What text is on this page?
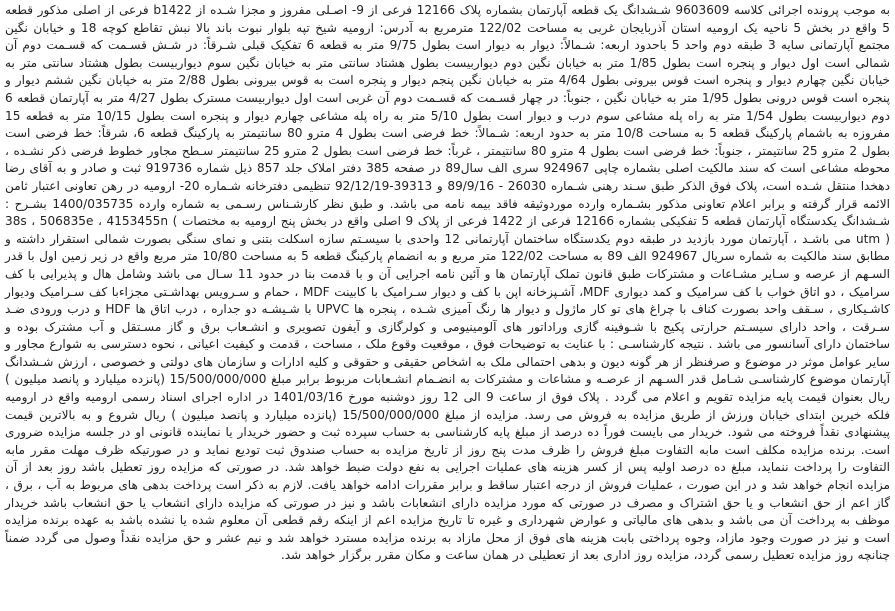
به موجب پرونده اجرائی کلاسه 9603609 شـشدانگ یک قطعه آپارتمان بشماره پلاک 12166 فرعی از 9- اصـلی مفروز و مجزا شـده از b1422 فرعی از اصلی مذکور قطعه 5 واقع در بخش 5 ناحیه یک ارومیه استان آذربایجان غربی به مساحت 122/02 مترمربع به آدرس: ارومیه شیخ تپه بلوار نبوت باند بالا نبش تقاطع کوچه 18 و خیابان نگین مجتمع آپارتمانی سایه 3 طبقه دوم واحد 5 باحدود اربعه: شـمالاً: دیوار به دیوار است بطول 9/75 متر به قطعه 6 تفکیک قبلی شـرقاً: در شـش قسـمت که قسـمت دوم آن شمالی است اول دیوار و پنجره است بطول 1/85 متر به خیابان نگین دوم دیواربیست بطول هشتاد سانتی متر به خیابان نگین سوم دیواربیست بطول هشتاد سانتی متر به خیابان نگین چهارم دیوار و پنجره است قوس بیرونی بطول 4/64 متر به خیابان نگین پنجم دیوار و پنجره است به قوس بیرونی بطول 2/88 متر به خیابان نگین ششم دیوار و پنجره است قوس درونی بطول 1/95 متر به خیابان نگین ، جنوباً: در چهار قسـمت که قسـمت دوم آن غربی است اول دیواربیست مسترک بطول 4/27 متر به آپارتمان قطعه 6 دوم دیواربیست بطول 1/54 متر به راه پله مشاعی سوم درب و دیوار است بطول 5/10 متر به راه پله مشاعی چهارم دیوار و پنجره است بطول 10/15 متر به قطعه 15 مفروزه به باشمام پارکینگ قطعه 5 به مساحت 10/8 متر به حدود اربعه: شـمالاً: خط فرضی است بطول 4 مترو 80 سانتیمتر به پارکینگ قطعه 6، شرقاً: خط فرضی است بطول 2 مترو 25 سانتیمتر ، جنوباً: خط فرضی است بطول 4 مترو 80 سانتیمتر ، غرباً: خط فرضی است بطول 2 مترو 25 سانتیمتر سـطح مجاور خطوط فرضی ذکر نشـده ، محوطه مشاعی است که سند مالکیت اصلی بشماره چاپی 924967 سری الف سال89 در صفحه 385 دفتر املاک جلد 857 ذیل شماره 919736 ثبت و صادر و به آقای رضا دهخدا منتقل شـده است، پلاک فوق الذکر طبق سـند رهنی شـماره 26030 - 89/9/16 و 39313-92/12/19 تنظیمی دفترخانه شـماره 20- ارومیه در رهن تعاونی اعتبار ثامن الائمه قرار گرفته و برابر اعلام تعاونی مذکور بشـماره وارده موردوثیقه فاقد بیمه نامه می باشد. و طبق نظر کارشـناس رسـمی به شماره وارده 1400/035735 بشـرح : شـشدانگ یکدستگاه آپارتمان قطعه 5 تفکیکی بشماره 12166 فرعی از 1422 فرعی از پلاک 9 اصلی واقع در بخش پنج ارومیه به مختصات 38s ، 506835e ، 4153455n ( utm ) می باشـد ، آپارتمان مورد بازدید در طبقه دوم یکدستگاه ساختمان آپارتمانی 12 واحدی با سیسـتم سازه اسکلت بتنی و نمای سنگی بصورت شمالی استقرار داشته و مطابق سند مالکیت به شماره سریال 924967 الف 89 به مساحت 122/02 متر مربع و به انضمام پارکینگ قطعه 5 به مساحت 10/80 متر مربع واقع در زیر زمین اول با قدر السـهم از عرصه و سـایر مشـاعات و مشترکات طبق قانون تملک آپارتمان ها و آئین نامه اجرایی آن و با قدمت بنا در حدود 11 سـال می باشد وشامل هال و پذیرایی با کف سرامیک ، دو اتاق خواب با کف سرامیک و کمد دیواری MDF، آشـپزخانه اپن با کف و دیوار سـرامیک با کابینت MDF ، حمام و سـرویس بهداشـتی مجزاءبا کف سـرامیک ودیوار کاشـیکاری ، سـقف واحد بصورت کناف با چراغ های تو کار ماژول و دیوار ها رنگ آمیزی شـده ، پنجره ها UPVC با شـیشـه دو جداره ، درب اتاق ها HDF و درب ورودی ضـد سـرقت ، واحد دارای سیسـتم حرارتی پکیج با شـوفینه گازی وراداتور های آلومینیومی و کولرگازی و آیفون تصویری و انشـعاب برق و گاز مسـتقل و آب مشترک بوده و ساختمان دارای آسانسور می باشد . نتیجه کارشناسـی : با عنایت به توضیحات فوق ، موقعیت وقوع ملک ، مساحت ، قدمت و کیفیت اعیانی ، نحوه دسترسی به شوارع مجاور و سایر عوامل موثر در موضوع و صرفنظر از هر گونه دیون و بدهی احتمالی ملک به اشخاص حقیقی و حقوقی و کلیه ادارات و سازمان های دولتی و خصوصی ، ارزش شـشدانگ آپارتمان موضوع کارشناسـی شـامل قدر السـهم از عرصـه و مشاعات و مشترکات به انضـمام انشـعابات مربوط برابر مبلغ 15/500/000/000 (پانزده میلیارد و پانصد میلیون ) ریال بعنوان قیمت پایه مزایده تقویم و اعلام می گردد . پلاک فوق از ساعت 9 الی 12 روز دوشنبه مورخ 1401/03/16 در اداره اجرای اسناد رسمی ارومیه واقع در ارومیه فلکه خیرین ابتدای خیابان ورزش از طریق مزایده به فروش می رسد. مزایده از مبلغ 15/500/000/000 (پانزده میلیارد و پانصد میلیون ) ریال شروع و به بالاترین قیمت پیشنهادی نقداً فروخته می شود. خریدار می بایست فوراً ده درصد از مبلغ پایه کارشناسی به حساب سپرده ثبت و حضور خریدار یا نماینده قانونی او در جلسه مزایده ضروری است. برنده مزایده مکلف است مابه التفاوت مبلغ فروش را ظرف مدت پنج روز از تاریخ مزایده به حساب صندوق ثبت تودیع نماید و در صورتیکه ظرف مهلت مقرر مابه التفاوت را پرداخت ننماید، مبلغ ده درصد اولیه پس از کسر هزینه های عملیات اجرایی به نفع دولت ضبط خواهد شد. در صورتی که مزایده روز تعطیل باشد روز بعد از آن مزایده انجام خواهد شد و در این صورت ، عملیات فروش از درجه اعتبار ساقط و برابر مقررات ادامه خواهد یافت. لازم به ذکر است پرداخت بدهی های مربوط به آب ، برق ، گاز اعم از حق انشعاب و یا حق اشتراک و مصرف در صورتی که مورد مزایده دارای انشعابات باشد و نیز در صورتی که مزایده دارای انشعاب یا حق انشعاب باشد خریدار موظف به پرداخت آن می باشد و بدهی های مالیاتی و عوارض شهرداری و غیره تا تاریخ مزایده اعم از اینکه رقم قطعی آن معلوم شده یا نشده باشد به عهده برنده مزایده است و نیز در صورت وجود مازاد، وجوه پرداختی بابت هزینه های فوق از محل مازاد به برنده مزایده مسترد خواهد شد و نیم عشر و حق مزایده نقداً وصول می گردد ضمناً چنانچه روز مزایده تعطیل رسمی گردد، مزایده روز اداری بعد از تعطیلی در همان ساعت و مکان مقرر برگزار خواهد شد.
